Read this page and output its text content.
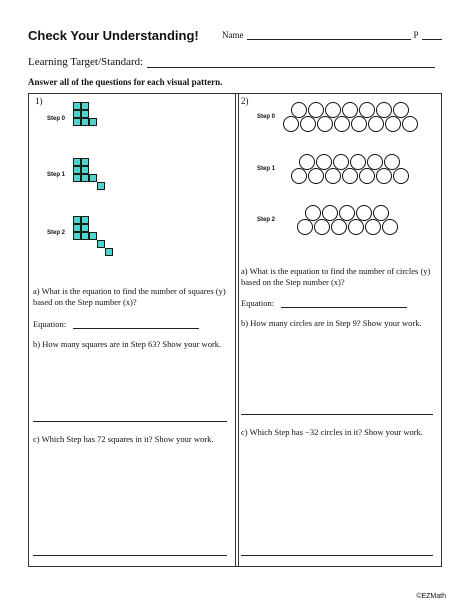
Check Your Understanding!	Name	P
Learning Target/Standard:
Answer all of the questions for each visual pattern.
1)
Step 0
Step 1
Step 2
a) What is the equation to find the number of squares (y) based on the Step number (x)?
Equation:
b) How many squares are in Step 63? Show your work.
c) Which Step has 72 squares in it? Show your work.
2)
Step 0
Step 1
Step 2
a) What is the equation to find the number of circles (y) based on the Step number (x)?
Equation:
b) How many circles are in Step 9? Show your work.
c) Which Step has −32 circles in it? Show your work.
©EZMath
